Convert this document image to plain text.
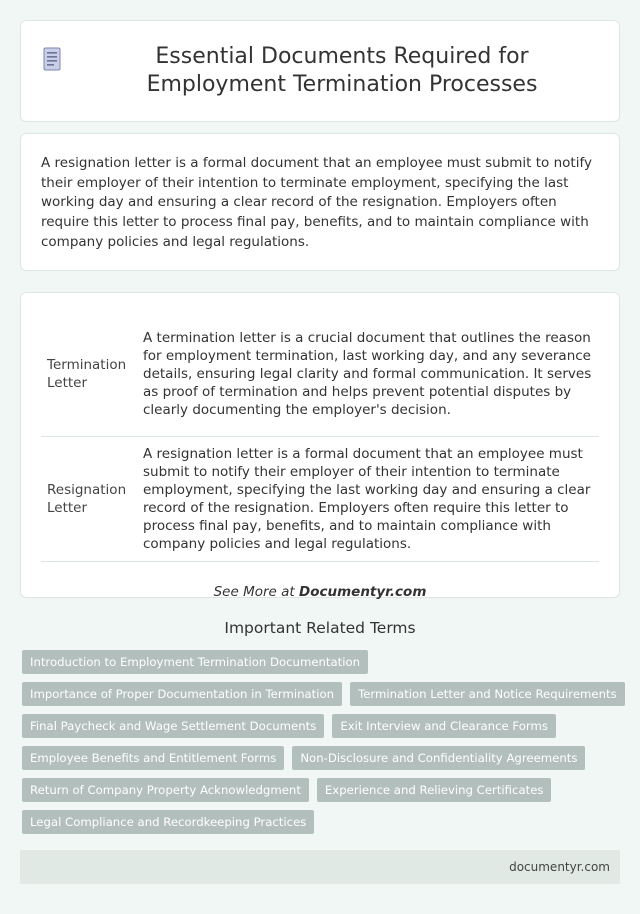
Essential Documents Required for Employment Termination Processes

A resignation letter is a formal document that an employee must submit to notify their employer of their intention to terminate employment, specifying the last working day and ensuring a clear record of the resignation. Employers often require this letter to process final pay, benefits, and to maintain compliance with company policies and legal regulations.

Termination Letter	A termination letter is a crucial document that outlines the reason for employment termination, last working day, and any severance details, ensuring legal clarity and formal communication. It serves as proof of termination and helps prevent potential disputes by clearly documenting the employer's decision.
Resignation Letter	A resignation letter is a formal document that an employee must submit to notify their employer of their intention to terminate employment, specifying the last working day and ensuring a clear record of the resignation. Employers often require this letter to process final pay, benefits, and to maintain compliance with company policies and legal regulations.

See More at Documentyr.com

Important Related Terms
Introduction to Employment Termination Documentation
Importance of Proper Documentation in Termination	Termination Letter and Notice Requirements
Final Paycheck and Wage Settlement Documents	Exit Interview and Clearance Forms
Employee Benefits and Entitlement Forms	Non-Disclosure and Confidentiality Agreements
Return of Company Property Acknowledgment	Experience and Relieving Certificates
Legal Compliance and Recordkeeping Practices
documentyr.com
